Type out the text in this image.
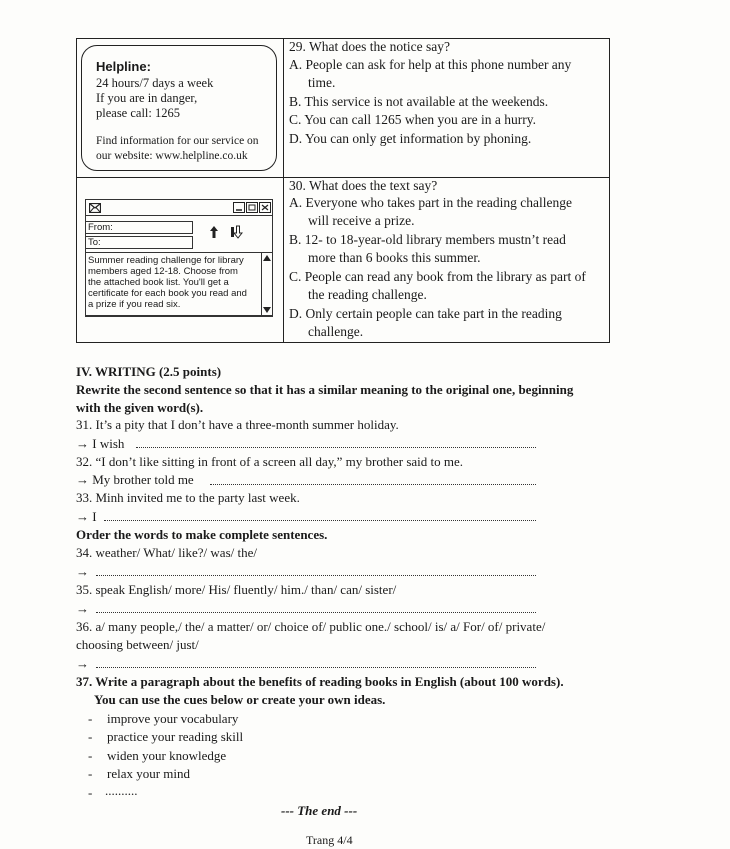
Helpline:
24 hours/7 days a week
If you are in danger,
please call: 1265
Find information for our service on
our website: www.helpline.co.uk
29. What does the notice say?
A. People can ask for help at this phone number any
time.
B. This service is not available at the weekends.
C. You can call 1265 when you are in a hurry.
D. You can only get information by phoning.
From:
To:
Summer reading challenge for library
members aged 12-18. Choose from
the attached book list. You'll get a
certificate for each book you read and
a prize if you read six.
30. What does the text say?
A. Everyone who takes part in the reading challenge
will receive a prize.
B. 12- to 18-year-old library members mustn’t read
more than 6 books this summer.
C. People can read any book from the library as part of
the reading challenge.
D. Only certain people can take part in the reading
challenge.
IV. WRITING (2.5 points)
Rewrite the second sentence so that it has a similar meaning to the original one, beginning
with the given word(s).
31. It’s a pity that I don’t have a three-month summer holiday.
→ I wish
32. “I don’t like sitting in front of a screen all day,” my brother said to me.
→ My brother told me
33. Minh invited me to the party last week.
→ I
Order the words to make complete sentences.
34. weather/ What/ like?/ was/ the/
→
35. speak English/ more/ His/ fluently/ him./ than/ can/ sister/
→
36. a/ many people,/ the/ a matter/ or/ choice of/ public one./ school/ is/ a/ For/ of/ private/
choosing between/ just/
→
37. Write a paragraph about the benefits of reading books in English (about 100 words).
You can use the cues below or create your own ideas.
- improve your vocabulary
- practice your reading skill
- widen your knowledge
- relax your mind
- ..........
--- The end ---
Trang 4/4
